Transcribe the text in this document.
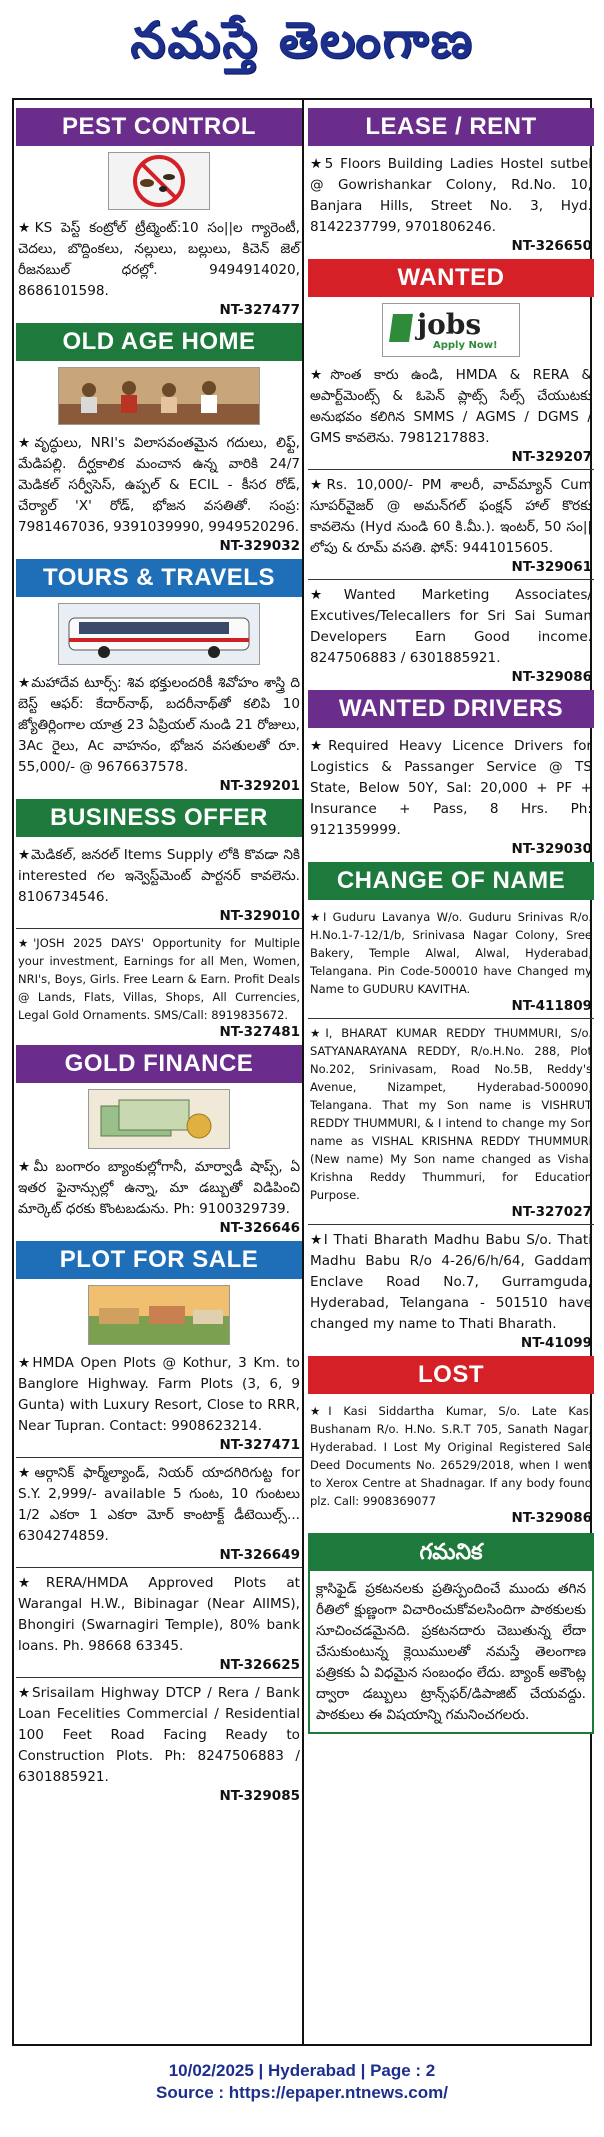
నమస్తే తెలంగాణ
PEST CONTROL
★KS పెస్ట్ కంట్రోల్ ట్రీట్మెంట్:10 సం||ల గ్యారెంటీ, చెదలు, బొద్దింకలు, నల్లులు, బల్లులు, కిచెన్ జెల్ రీజనబుల్ ధరల్లో. 9494914020, 8686101598.
NT-327477
OLD AGE HOME
★వృద్ధులు, NRI's విలాసవంతమైన గదులు, లిఫ్ట్, మేడిపల్లి. దీర్ఘకాలిక మంచాన ఉన్న వారికి 24/7 మెడికల్ సర్వీసెస్, ఉప్పల్ & ECIL - కీసర రోడ్, చేర్యాల్ 'X' రోడ్, భోజన వసతితో. సంప్ర: 7981467036, 9391039990, 9949520296.
NT-329032
TOURS & TRAVELS
★మహాదేవ టూర్స్: శివ భక్తులందరికీ శివోహం శాస్త్రి ది బెస్ట్ ఆఫర్: కేదార్‌నాథ్, బదరీనాథ్‌తో కలిపి 10 జ్యోతిర్లింగాల యాత్ర 23 ఏప్రియల్ నుండి 21 రోజులు, 3Ac రైలు, Ac వాహనం, భోజన వసతులతో రూ. 55,000/- @ 9676637578.
NT-329201
BUSINESS OFFER
★మెడికల్, జనరల్ Items Supply లోకి కొవడా నికి interested గల ఇన్వెస్ట్‌మెంట్ పార్టనర్ కావలెను. 8106734546.
NT-329010
★'JOSH 2025 DAYS' Opportunity for Multiple your investment, Earnings for all Men, Women, NRI's, Boys, Girls. Free Learn & Earn. Profit Deals @ Lands, Flats, Villas, Shops, All Currencies, Legal Gold Ornaments. SMS/Call: 8919835672.
NT-327481
GOLD FINANCE
★మీ బంగారం బ్యాంకుల్లోగానీ, మార్వాడీ షాప్స్, ఏ ఇతర ఫైనాన్సుల్లో ఉన్నా, మా డబ్బుతో విడిపించి మార్కెట్ ధరకు కొంటబడును. Ph: 9100329739.
NT-326646
PLOT FOR SALE
★HMDA Open Plots @ Kothur, 3 Km. to Banglore Highway. Farm Plots (3, 6, 9 Gunta) with Luxury Resort, Close to RRR, Near Tupran. Contact: 9908623214.
NT-327471
★ఆర్గానిక్ ఫార్మ్‌ల్యాండ్, నియర్ యాదగిరిగుట్ట for S.Y. 2,999/- available 5 గుంట, 10 గుంటలు 1/2 ఎకరా 1 ఎకరా మోర్ కాంటాక్ట్ డీటెయిల్స్... 6304274859.
NT-326649
★RERA/HMDA Approved Plots at Warangal H.W., Bibinagar (Near AIIMS), Bhongiri (Swarnagiri Temple), 80% bank loans. Ph. 98668 63345.
NT-326625
★Srisailam Highway DTCP / Rera / Bank Loan Fecelities Commercial / Residential 100 Feet Road Facing Ready to Construction Plots. Ph: 8247506883 / 6301885921.
NT-329085
LEASE / RENT
★5 Floors Building Ladies Hostel sutbel @ Gowrishankar Colony, Rd.No. 10, Banjara Hills, Street No. 3, Hyd. 8142237799, 9701806246.
NT-326650
WANTED
jobs
Apply Now!
★సొంత కారు ఉండి, HMDA & RERA & అపార్ట్‌మెంట్స్ & ఓపెన్ ప్లాట్స్ సేల్స్ చేయుటకు అనుభవం కలిగిన SMMS / AGMS / DGMS / GMS కావలెను. 7981217883.
NT-329207
★Rs. 10,000/- PM శాలరీ, వాచ్‌మ్యాన్ Cum సూపర్‌వైజర్ @ అమన్‌గల్ ఫంక్షన్ హాల్ కొరకు కావలెను (Hyd నుండి 60 కి.మీ.). ఇంటర్, 50 సం||లోపు & రూమ్ వసతి. ఫోన్: 9441015605.
NT-329061
★Wanted Marketing Associates/ Excutives/Telecallers for Sri Sai Suman Developers Earn Good income. 8247506883 / 6301885921.
NT-329086
WANTED DRIVERS
★Required Heavy Licence Drivers for Logistics & Passanger Service @ TS State, Below 50Y, Sal: 20,000 + PF + Insurance + Pass, 8 Hrs. Ph: 9121359999.
NT-329030
CHANGE OF NAME
★I Guduru Lavanya W/o. Guduru Srinivas R/o. H.No.1-7-12/1/b, Srinivasa Nagar Colony, Sree Bakery, Temple Alwal, Alwal, Hyderabad, Telangana. Pin Code-500010 have Changed my Name to GUDURU KAVITHA.
NT-411809
★I, BHARAT KUMAR REDDY THUMMURI, S/o. SATYANARAYANA REDDY, R/o.H.No. 288, Plot No.202, Srinivasam, Road No.5B, Reddy's Avenue, Nizampet, Hyderabad-500090, Telangana. That my Son name is VISHRUT REDDY THUMMURI, & I intend to change my Son name as VISHAL KRISHNA REDDY THUMMURI (New name) My Son name changed as Vishal Krishna Reddy Thummuri, for Education Purpose.
NT-327027
★I Thati Bharath Madhu Babu S/o. Thati Madhu Babu R/o 4-26/6/h/64, Gaddam Enclave Road No.7, Gurramguda, Hyderabad, Telangana - 501510 have changed my name to Thati Bharath.
NT-41099
LOST
★I Kasi Siddartha Kumar, S/o. Late Kasi Bushanam R/o. H.No. S.R.T 705, Sanath Nagar, Hyderabad. I Lost My Original Registered Sale Deed Documents No. 26529/2018, when I went to Xerox Centre at Shadnagar. If any body found plz. Call: 9908369077
NT-329086
గమనిక
క్లాసిఫైడ్ ప్రకటనలకు ప్రతిస్పందించే ముందు తగిన రీతిలో క్షుణ్ణంగా విచారించుకోవలసిందిగా పాఠకులకు సూచించడమైనది. ప్రకటనదారు చెబుతున్న లేదా చేసుకుంటున్న క్లెయిములతో నమస్తే తెలంగాణ పత్రికకు ఏ విధమైన సంబంధం లేదు. బ్యాంక్ అకౌంట్ల ద్వారా డబ్బులు ట్రాన్స్‌ఫర్/డిపాజిట్ చేయవద్దు. పాఠకులు ఈ విషయాన్ని గమనించగలరు.
10/02/2025 | Hyderabad | Page : 2
Source : https://epaper.ntnews.com/
